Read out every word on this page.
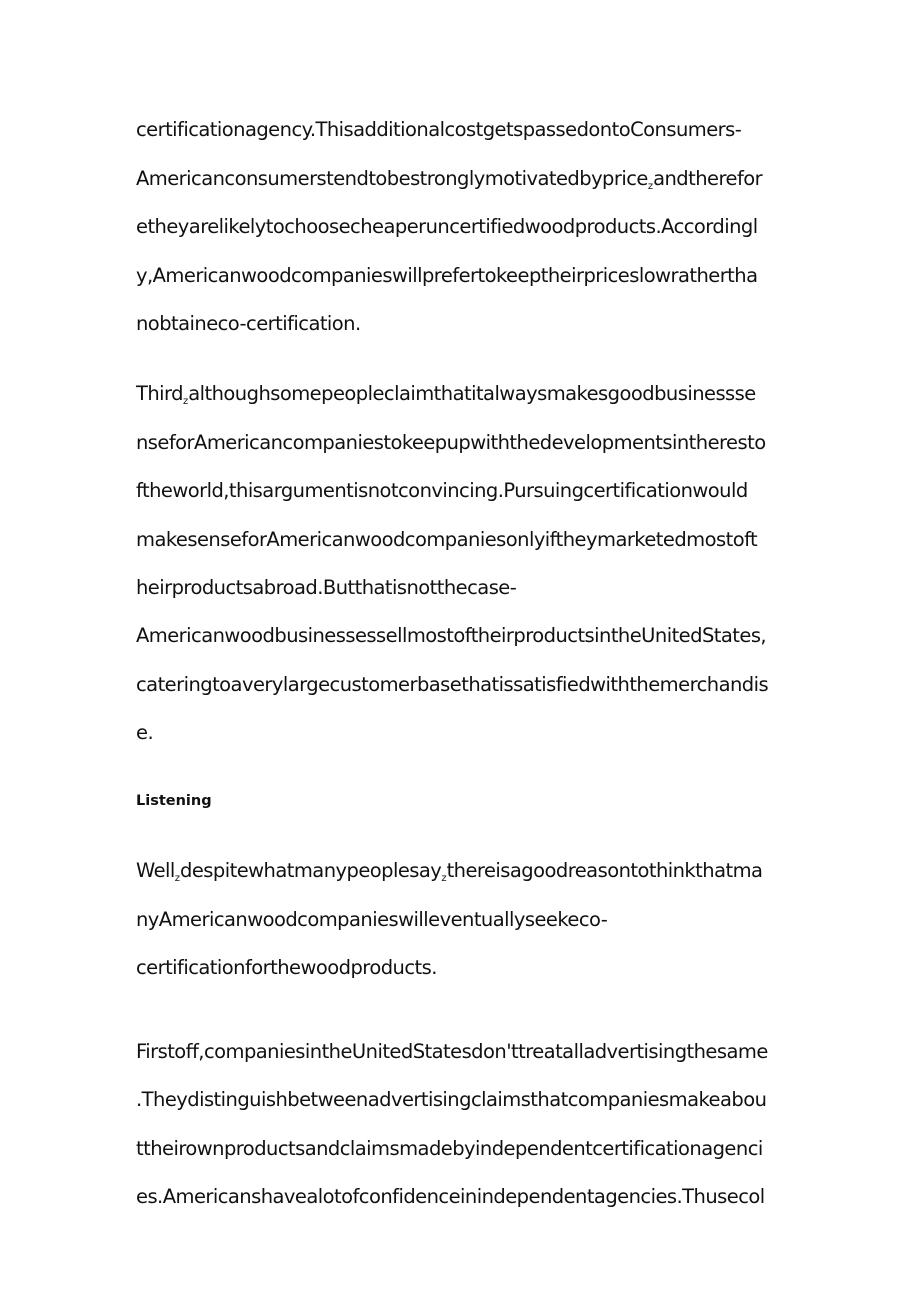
certificationagency.ThisadditionalcostgetspassedontoConsumers-
Americanconsumerstendtobestronglymotivatedbyprice$_z$andtherefor
etheyarelikelytochoosecheaperuncertifiedwoodproducts.Accordingl
y,Americanwoodcompanieswillprefertokeeptheirpriceslowratherthа
nobtaineco-certification.
Third$_z$althoughsomepeopleclaimthatitalwaysmakesgoodbusinessse
nseforAmericancompaniestokeepupwiththedevelopmentsintheresto
ftheworld,thisargumentisnotconvincing.Pursuingcertificationwould
makesenseforAmericanwoodcompaniesonlyiftheymarketedmostoft
heirproductsabroad.Butthatisnotthecase-
AmericanwoodbusinessessellmostoftheirproductsintheUnitedStates,
cateringtoaverylargecustomerbasethatissatisfiedwiththemerchandis
e.
Listening
Well$_z$despitewhatmanypeoplesay$_z$thereisagoodreasontothinkthatma
nyAmericanwoodcompanieswilleventuallyseekeco-
certificationforthewoodproducts.
Firstoff,companiesintheUnitedStatesdon'ttreatalladvertisingthesame
.Theydistinguishbetweenadvertisingclaimsthatcompaniesmakeabou
ttheirownproductsandclaimsmadebyindependentcertificationagenci
es.Americanshavealotofconfidenceinindependentagencies.Thusecol
